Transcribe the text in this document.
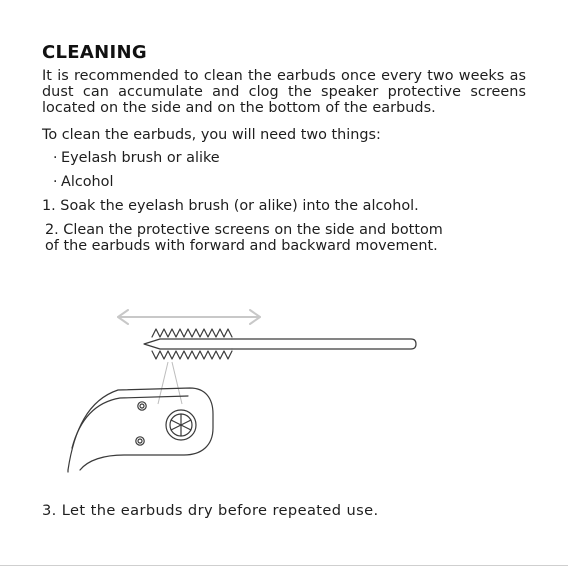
CLEANING

It is recommended to clean the earbuds once every two weeks as dust can accumulate and clog the speaker protective screens located on the side and on the bottom of the earbuds.

To clean the earbuds, you will need two things:

· Eyelash brush or alike
· Alcohol

1. Soak the eyelash brush (or alike) into the alcohol.

2. Clean the protective screens on the side and bottom
of the earbuds with forward and backward movement.

3. Let the earbuds dry before repeated use.
